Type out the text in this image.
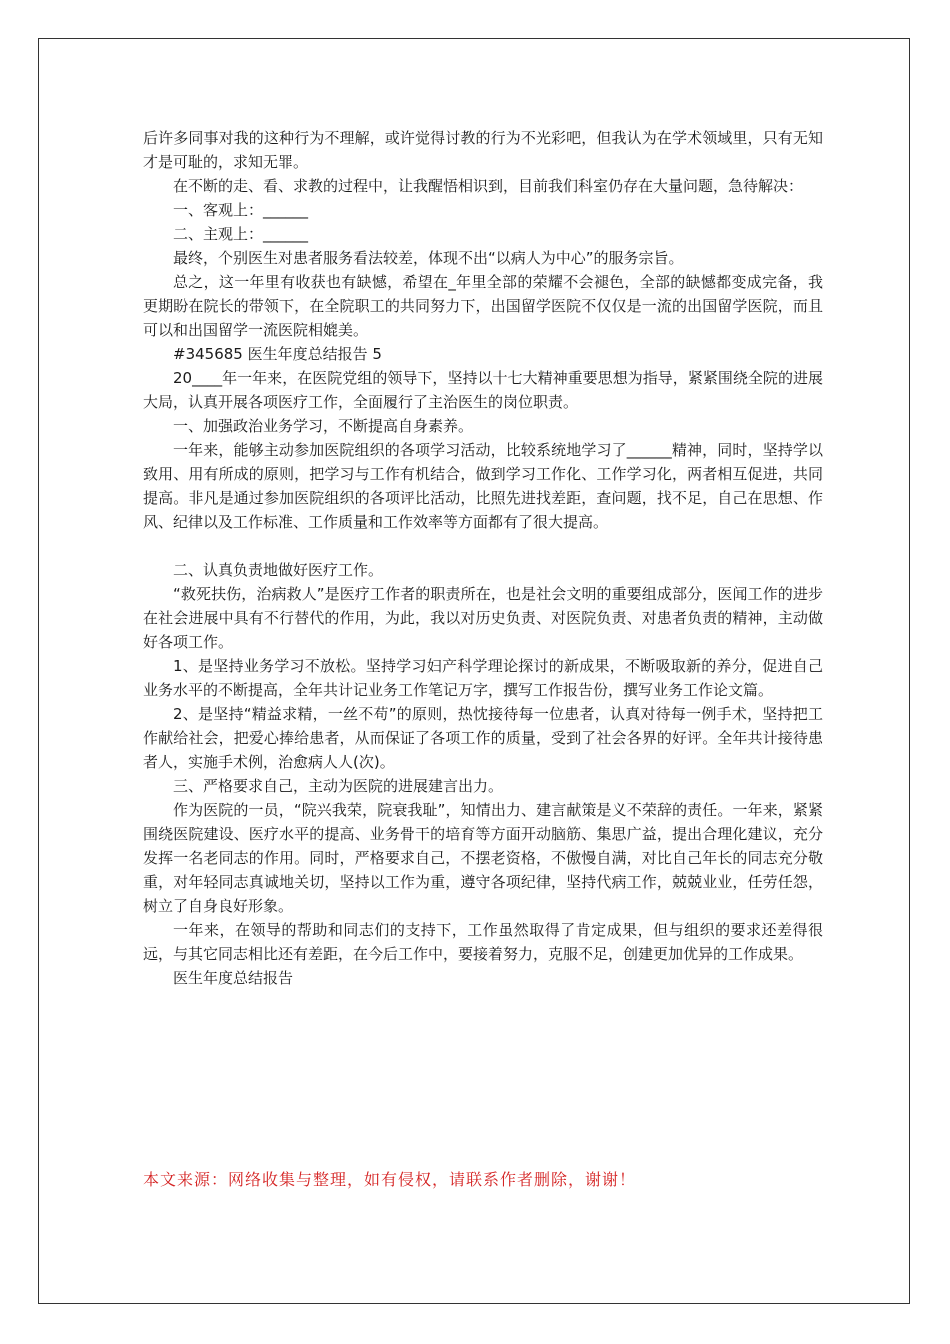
后许多同事对我的这种行为不理解，或许觉得讨教的行为不光彩吧，但我认为在学术领域里，只有无知才是可耻的，求知无罪。

在不断的走、看、求教的过程中，让我醒悟相识到，目前我们科室仍存在大量问题，急待解决：

一、客观上：______

二、主观上：______

最终，个别医生对患者服务看法较差，体现不出“以病人为中心”的服务宗旨。

总之，这一年里有收获也有缺憾，希望在_年里全部的荣耀不会褪色，全部的缺憾都变成完备，我更期盼在院长的带领下，在全院职工的共同努力下，出国留学医院不仅仅是一流的出国留学医院，而且可以和出国留学一流医院相媲美。

#345685 医生年度总结报告 5

20____年一年来，在医院党组的领导下，坚持以十七大精神重要思想为指导，紧紧围绕全院的进展大局，认真开展各项医疗工作，全面履行了主治医生的岗位职责。

一、加强政治业务学习，不断提高自身素养。

一年来，能够主动参加医院组织的各项学习活动，比较系统地学习了______精神，同时，坚持学以致用、用有所成的原则，把学习与工作有机结合，做到学习工作化、工作学习化，两者相互促进，共同提高。非凡是通过参加医院组织的各项评比活动，比照先进找差距，查问题，找不足，自己在思想、作风、纪律以及工作标准、工作质量和工作效率等方面都有了很大提高。

二、认真负责地做好医疗工作。

“救死扶伤，治病救人”是医疗工作者的职责所在，也是社会文明的重要组成部分，医闻工作的进步在社会进展中具有不行替代的作用，为此，我以对历史负责、对医院负责、对患者负责的精神，主动做好各项工作。

1、是坚持业务学习不放松。坚持学习妇产科学理论探讨的新成果，不断吸取新的养分，促进自己业务水平的不断提高，全年共计记业务工作笔记万字，撰写工作报告份，撰写业务工作论文篇。

2、是坚持“精益求精，一丝不苟”的原则，热忱接待每一位患者，认真对待每一例手术，坚持把工作献给社会，把爱心捧给患者，从而保证了各项工作的质量，受到了社会各界的好评。全年共计接待患者人，实施手术例，治愈病人人(次)。

三、严格要求自己，主动为医院的进展建言出力。

作为医院的一员，“院兴我荣，院衰我耻”，知情出力、建言献策是义不荣辞的责任。一年来，紧紧围绕医院建设、医疗水平的提高、业务骨干的培育等方面开动脑筋、集思广益，提出合理化建议，充分发挥一名老同志的作用。同时，严格要求自己，不摆老资格，不傲慢自满，对比自己年长的同志充分敬重，对年轻同志真诚地关切，坚持以工作为重，遵守各项纪律，坚持代病工作，兢兢业业，任劳任怨，树立了自身良好形象。

一年来，在领导的帮助和同志们的支持下，工作虽然取得了肯定成果，但与组织的要求还差得很远，与其它同志相比还有差距，在今后工作中，要接着努力，克服不足，创建更加优异的工作成果。

医生年度总结报告

本文来源：网络收集与整理，如有侵权，请联系作者删除，谢谢！
